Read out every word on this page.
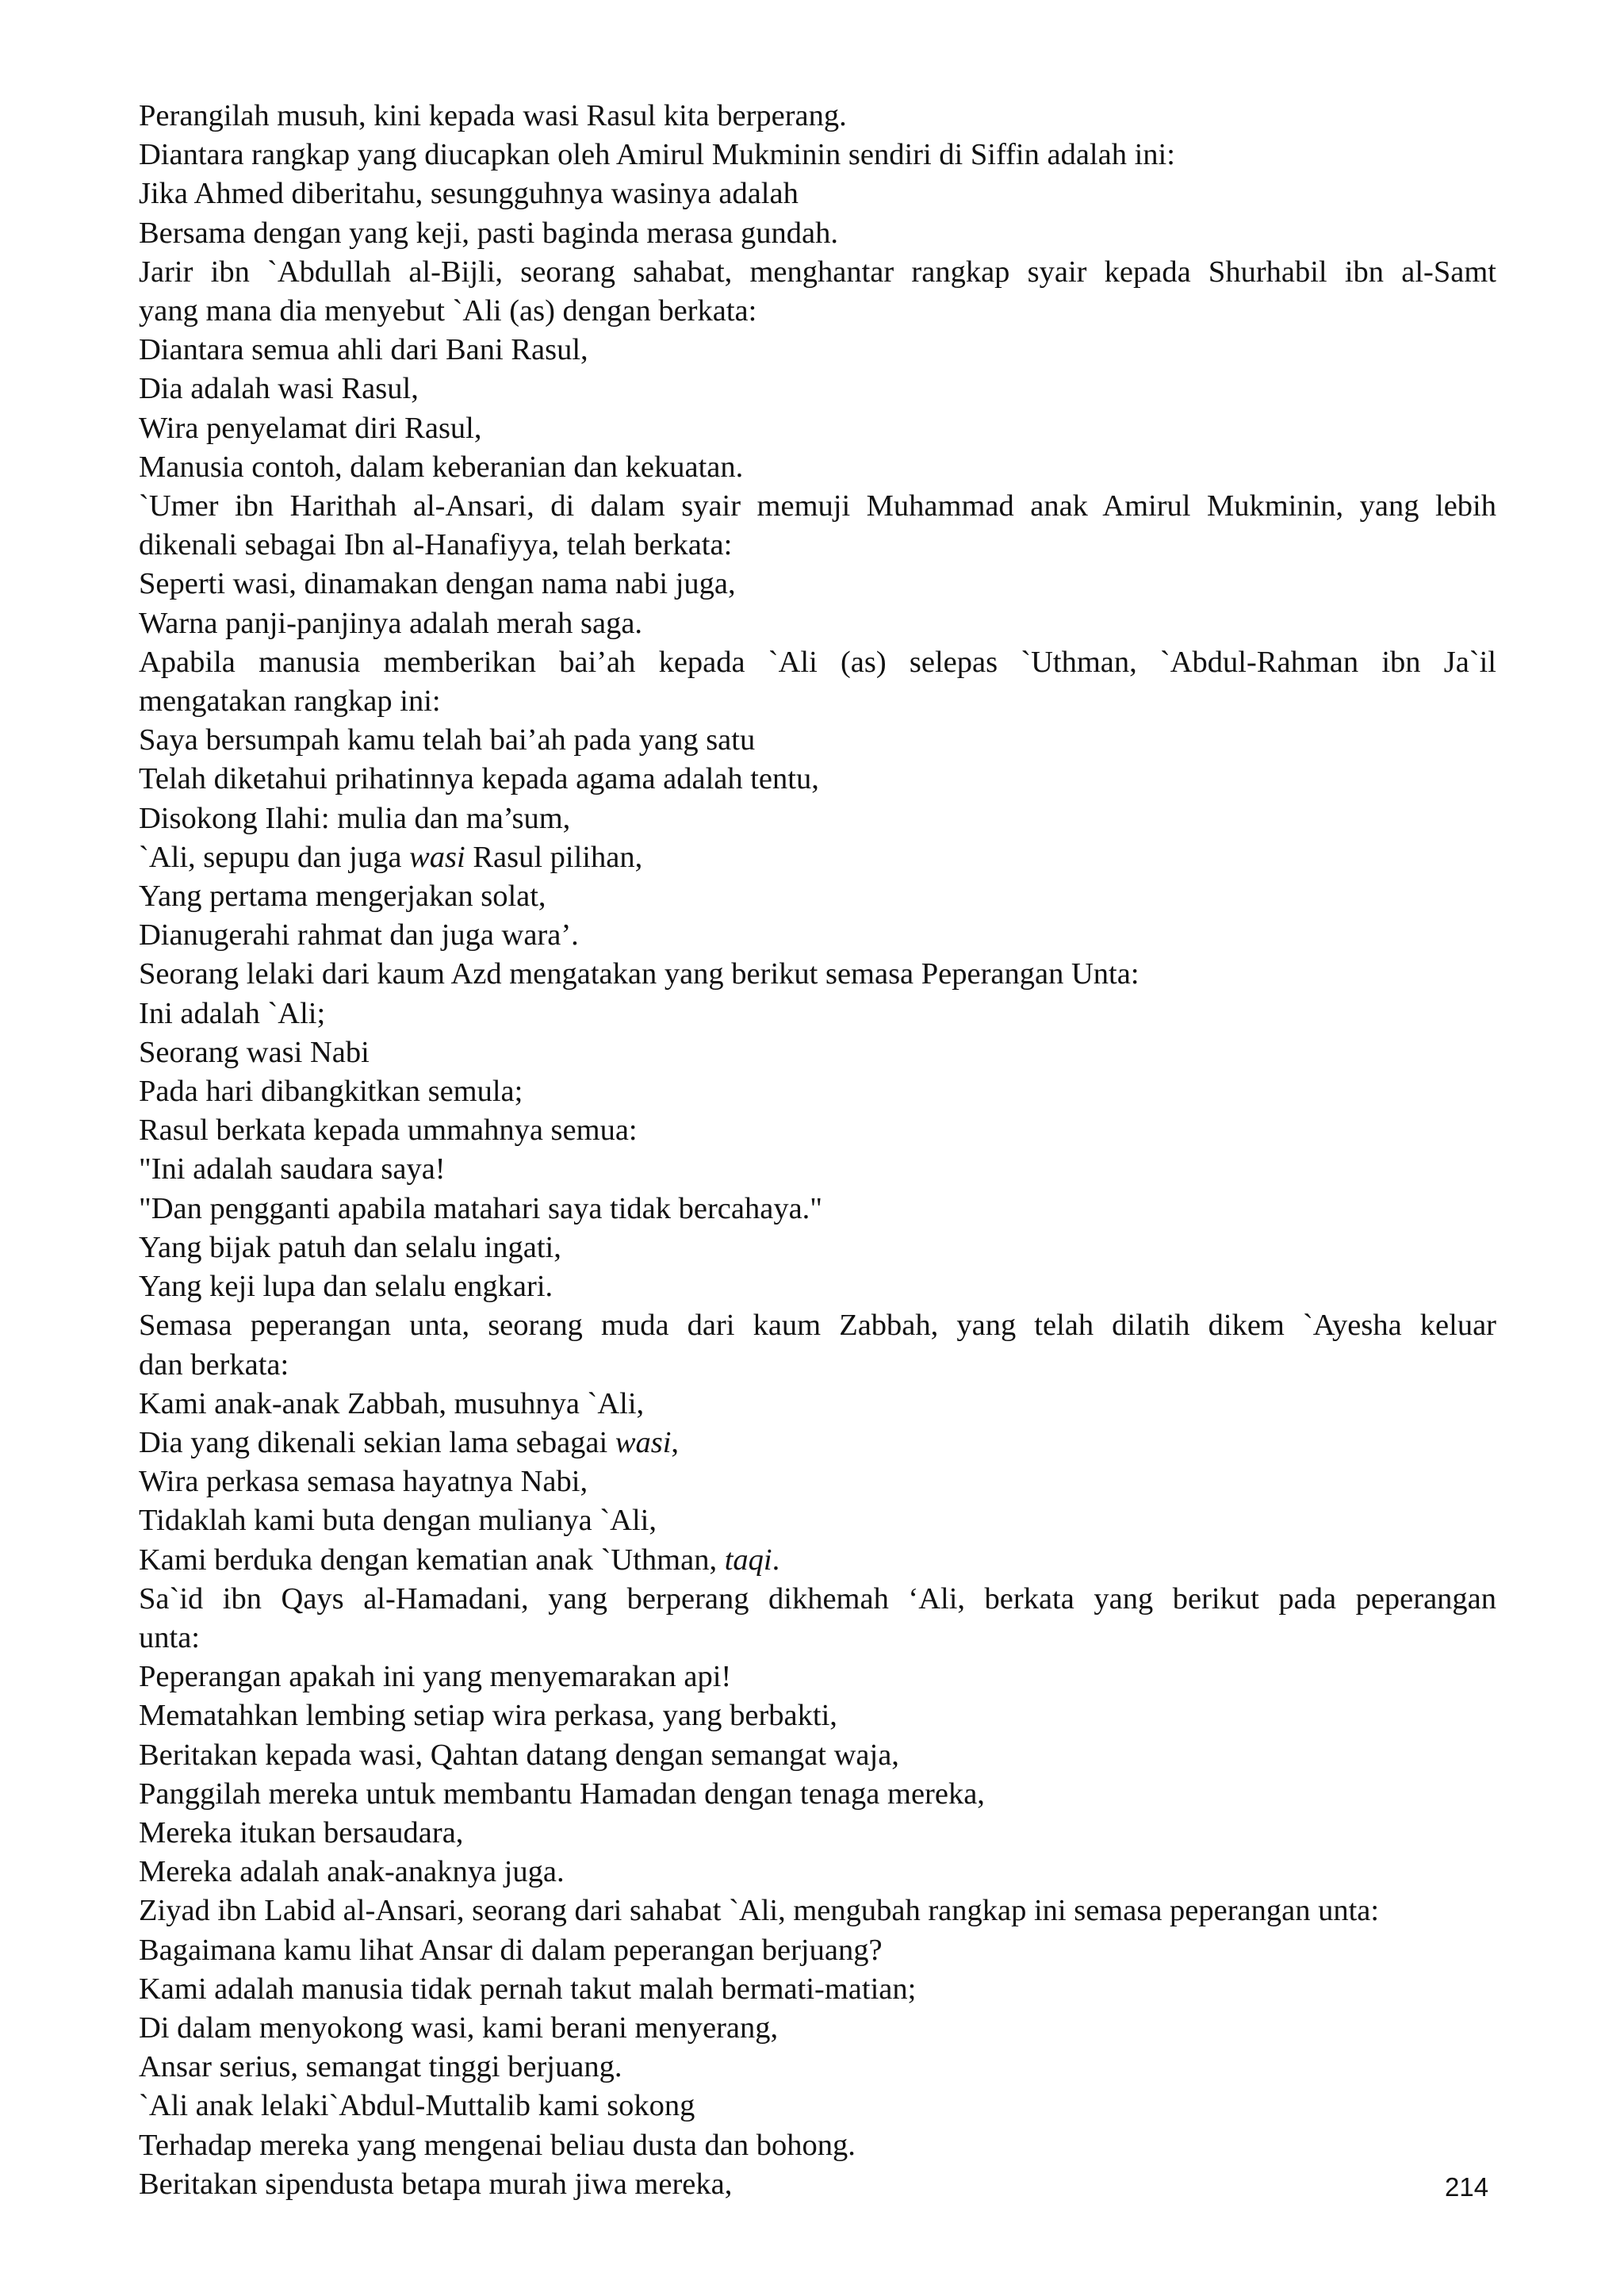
Perangilah musuh, kini kepada wasi Rasul kita berperang.
Diantara rangkap yang diucapkan oleh Amirul Mukminin sendiri di Siffin adalah ini:
Jika Ahmed diberitahu, sesungguhnya wasinya adalah
Bersama dengan yang keji, pasti baginda merasa gundah.
Jarir ibn `Abdullah al-Bijli, seorang sahabat, menghantar rangkap syair kepada Shurhabil ibn al-Samt
yang mana dia menyebut `Ali (as) dengan berkata:
Diantara semua ahli dari Bani Rasul,
Dia adalah wasi Rasul,
Wira penyelamat diri Rasul,
Manusia contoh, dalam keberanian dan kekuatan.
`Umer ibn Harithah al-Ansari, di dalam syair memuji Muhammad anak Amirul Mukminin, yang lebih
dikenali sebagai Ibn al-Hanafiyya, telah berkata:
Seperti wasi, dinamakan dengan nama nabi juga,
Warna panji-panjinya adalah merah saga.
Apabila manusia memberikan bai’ah kepada `Ali (as) selepas `Uthman, `Abdul-Rahman ibn Ja`il
mengatakan rangkap ini:
Saya bersumpah kamu telah bai’ah pada yang satu
Telah diketahui prihatinnya kepada agama adalah tentu,
Disokong Ilahi: mulia dan ma’sum,
`Ali, sepupu dan juga wasi Rasul pilihan,
Yang pertama mengerjakan solat,
Dianugerahi rahmat dan juga wara’.
Seorang lelaki dari kaum Azd mengatakan yang berikut semasa Peperangan Unta:
Ini adalah `Ali;
Seorang wasi Nabi
Pada hari dibangkitkan semula;
Rasul berkata kepada ummahnya semua:
"Ini adalah saudara saya!
"Dan pengganti apabila matahari saya tidak bercahaya."
Yang bijak patuh dan selalu ingati,
Yang keji lupa dan selalu engkari.
Semasa peperangan unta, seorang muda dari kaum Zabbah, yang telah dilatih dikem `Ayesha keluar
dan berkata:
Kami anak-anak Zabbah, musuhnya `Ali,
Dia yang dikenali sekian lama sebagai wasi,
Wira perkasa semasa hayatnya Nabi,
Tidaklah kami buta dengan mulianya `Ali,
Kami berduka dengan kematian anak `Uthman, taqi.
Sa`id ibn Qays al-Hamadani, yang berperang dikhemah ‘Ali, berkata yang berikut pada peperangan
unta:
Peperangan apakah ini yang menyemarakan api!
Mematahkan lembing setiap wira perkasa, yang berbakti,
Beritakan kepada wasi, Qahtan datang dengan semangat waja,
Panggilah mereka untuk membantu Hamadan dengan tenaga mereka,
Mereka itukan bersaudara,
Mereka adalah anak-anaknya juga.
Ziyad ibn Labid al-Ansari, seorang dari sahabat `Ali, mengubah rangkap ini semasa peperangan unta:
Bagaimana kamu lihat Ansar di dalam peperangan berjuang?
Kami adalah manusia tidak pernah takut malah bermati-matian;
Di dalam menyokong wasi, kami berani menyerang,
Ansar serius, semangat tinggi berjuang.
`Ali anak lelaki`Abdul-Muttalib kami sokong
Terhadap mereka yang mengenai beliau dusta dan bohong.
Beritakan sipendusta betapa murah jiwa mereka,	214
